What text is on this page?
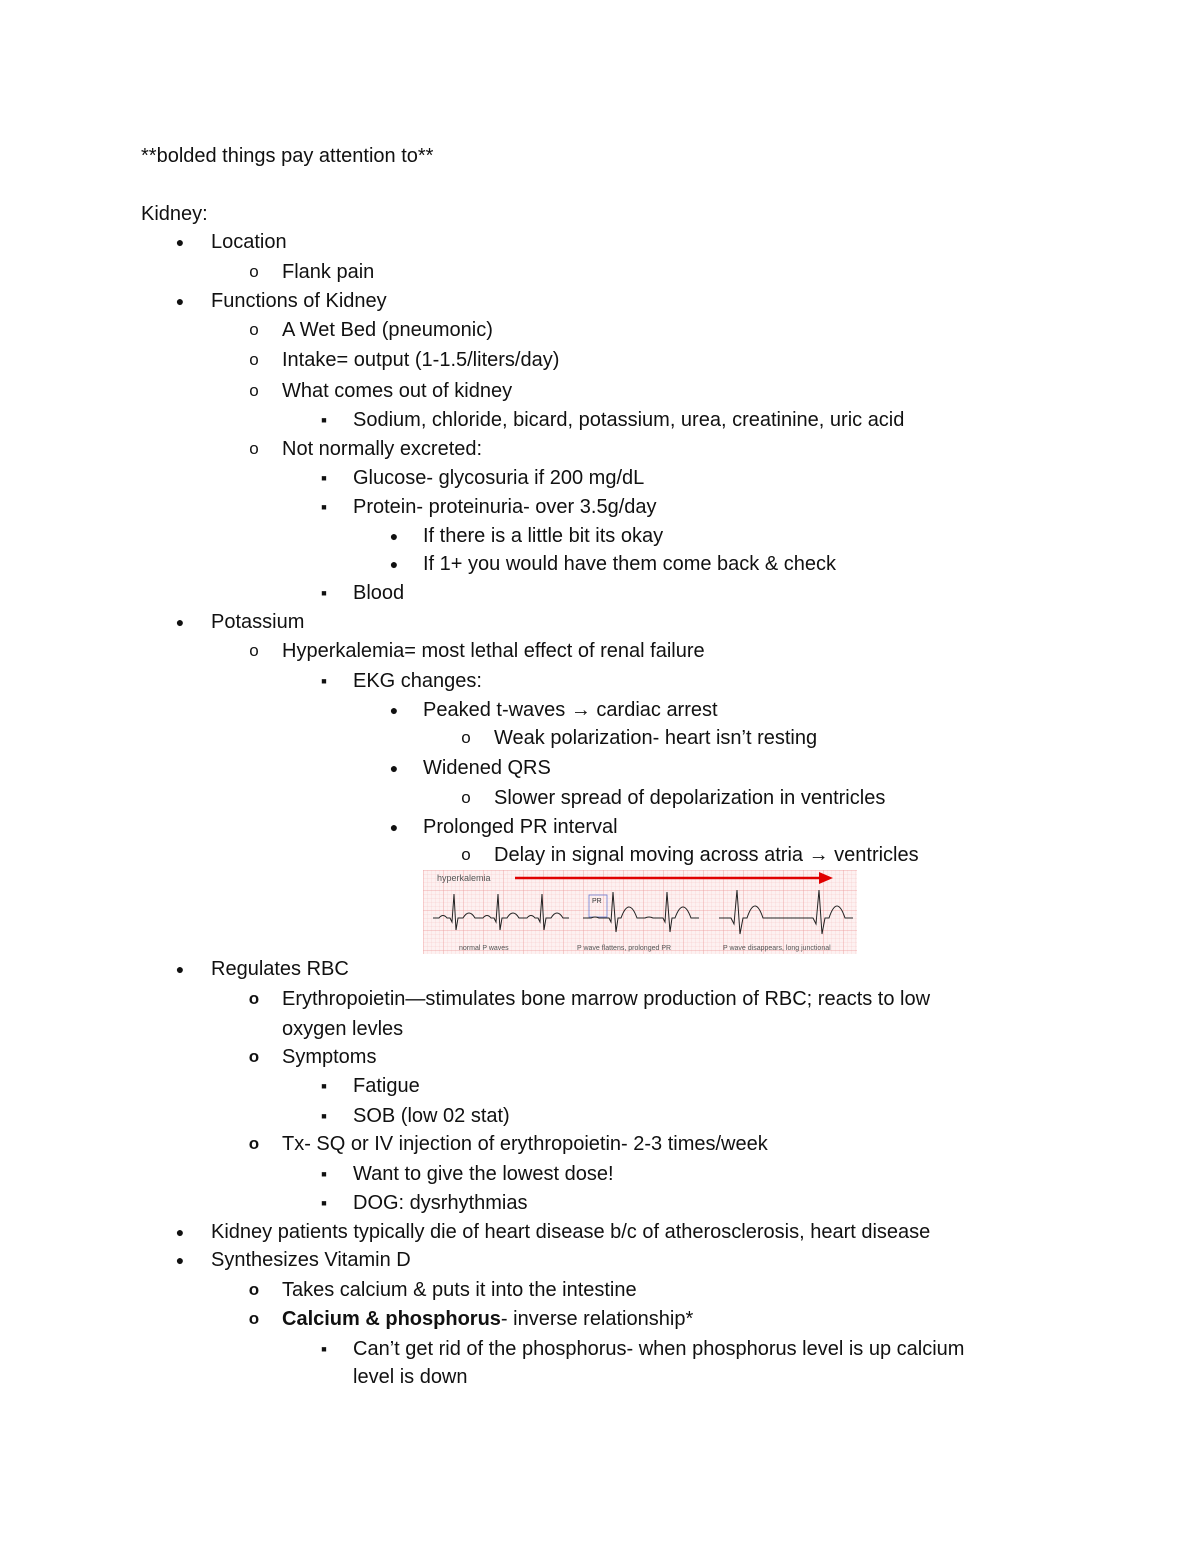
**bolded things pay attention to**
Kidney:
● Location
o Flank pain
● Functions of Kidney
o A Wet Bed (pneumonic)
o Intake= output (1-1.5/liters/day)
o What comes out of kidney
■ Sodium, chloride, bicard, potassium, urea, creatinine, uric acid
o Not normally excreted:
■ Glucose- glycosuria if 200 mg/dL
■ Protein- proteinuria- over 3.5g/day
● If there is a little bit its okay
● If 1+ you would have them come back & check
■ Blood
● Potassium
o Hyperkalemia= most lethal effect of renal failure
■ EKG changes:
● Peaked t-waves → cardiac arrest
o Weak polarization- heart isn’t resting
● Widened QRS
o Slower spread of depolarization in ventricles
● Prolonged PR interval
o Delay in signal moving across atria → ventricles
● Regulates RBC
o Erythropoietin—stimulates bone marrow production of RBC; reacts to low
oxygen levles
o Symptoms
■ Fatigue
■ SOB (low 02 stat)
o Tx- SQ or IV injection of erythropoietin- 2-3 times/week
■ Want to give the lowest dose!
■ DOG: dysrhythmias
● Kidney patients typically die of heart disease b/c of atherosclerosis, heart disease
● Synthesizes Vitamin D
o Takes calcium & puts it into the intestine
o Calcium & phosphorus- inverse relationship*
■ Can’t get rid of the phosphorus- when phosphorus level is up calcium
level is down
hyperkalemia
PR
normal P waves	P wave flattens, prolonged PR	P wave disappears, long junctional
